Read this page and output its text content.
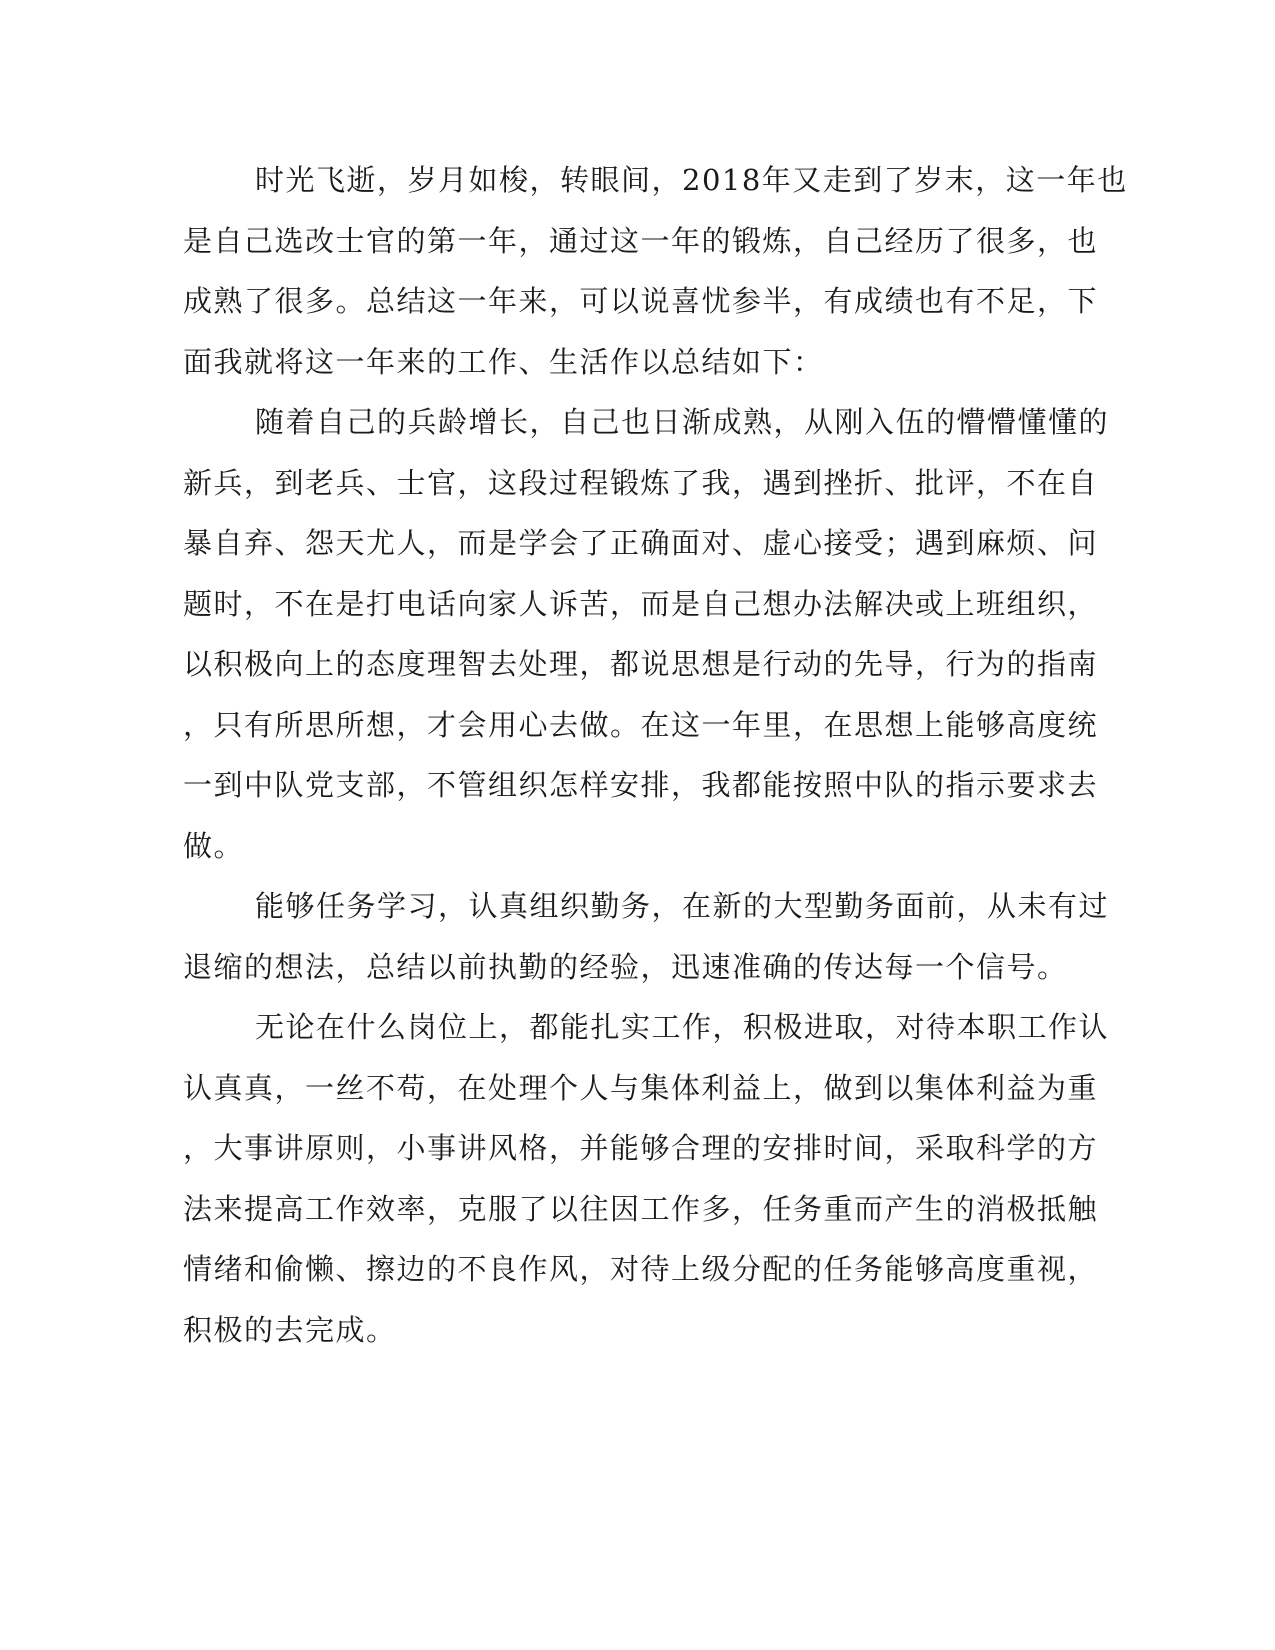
时光飞逝，岁月如梭，转眼间，2018年又走到了岁末，这一年也
是自己选改士官的第一年，通过这一年的锻炼，自己经历了很多，也
成熟了很多。总结这一年来，可以说喜忧参半，有成绩也有不足，下
面我就将这一年来的工作、生活作以总结如下：
随着自己的兵龄增长，自己也日渐成熟，从刚入伍的懵懵懂懂的
新兵，到老兵、士官，这段过程锻炼了我，遇到挫折、批评，不在自
暴自弃、怨天尤人，而是学会了正确面对、虚心接受；遇到麻烦、问
题时，不在是打电话向家人诉苦，而是自己想办法解决或上班组织，
以积极向上的态度理智去处理，都说思想是行动的先导，行为的指南
，只有所思所想，才会用心去做。在这一年里，在思想上能够高度统
一到中队党支部，不管组织怎样安排，我都能按照中队的指示要求去
做。
能够任务学习，认真组织勤务，在新的大型勤务面前，从未有过
退缩的想法，总结以前执勤的经验，迅速准确的传达每一个信号。
无论在什么岗位上，都能扎实工作，积极进取，对待本职工作认
认真真，一丝不苟，在处理个人与集体利益上，做到以集体利益为重
，大事讲原则，小事讲风格，并能够合理的安排时间，采取科学的方
法来提高工作效率，克服了以往因工作多，任务重而产生的消极抵触
情绪和偷懒、擦边的不良作风，对待上级分配的任务能够高度重视，
积极的去完成。
